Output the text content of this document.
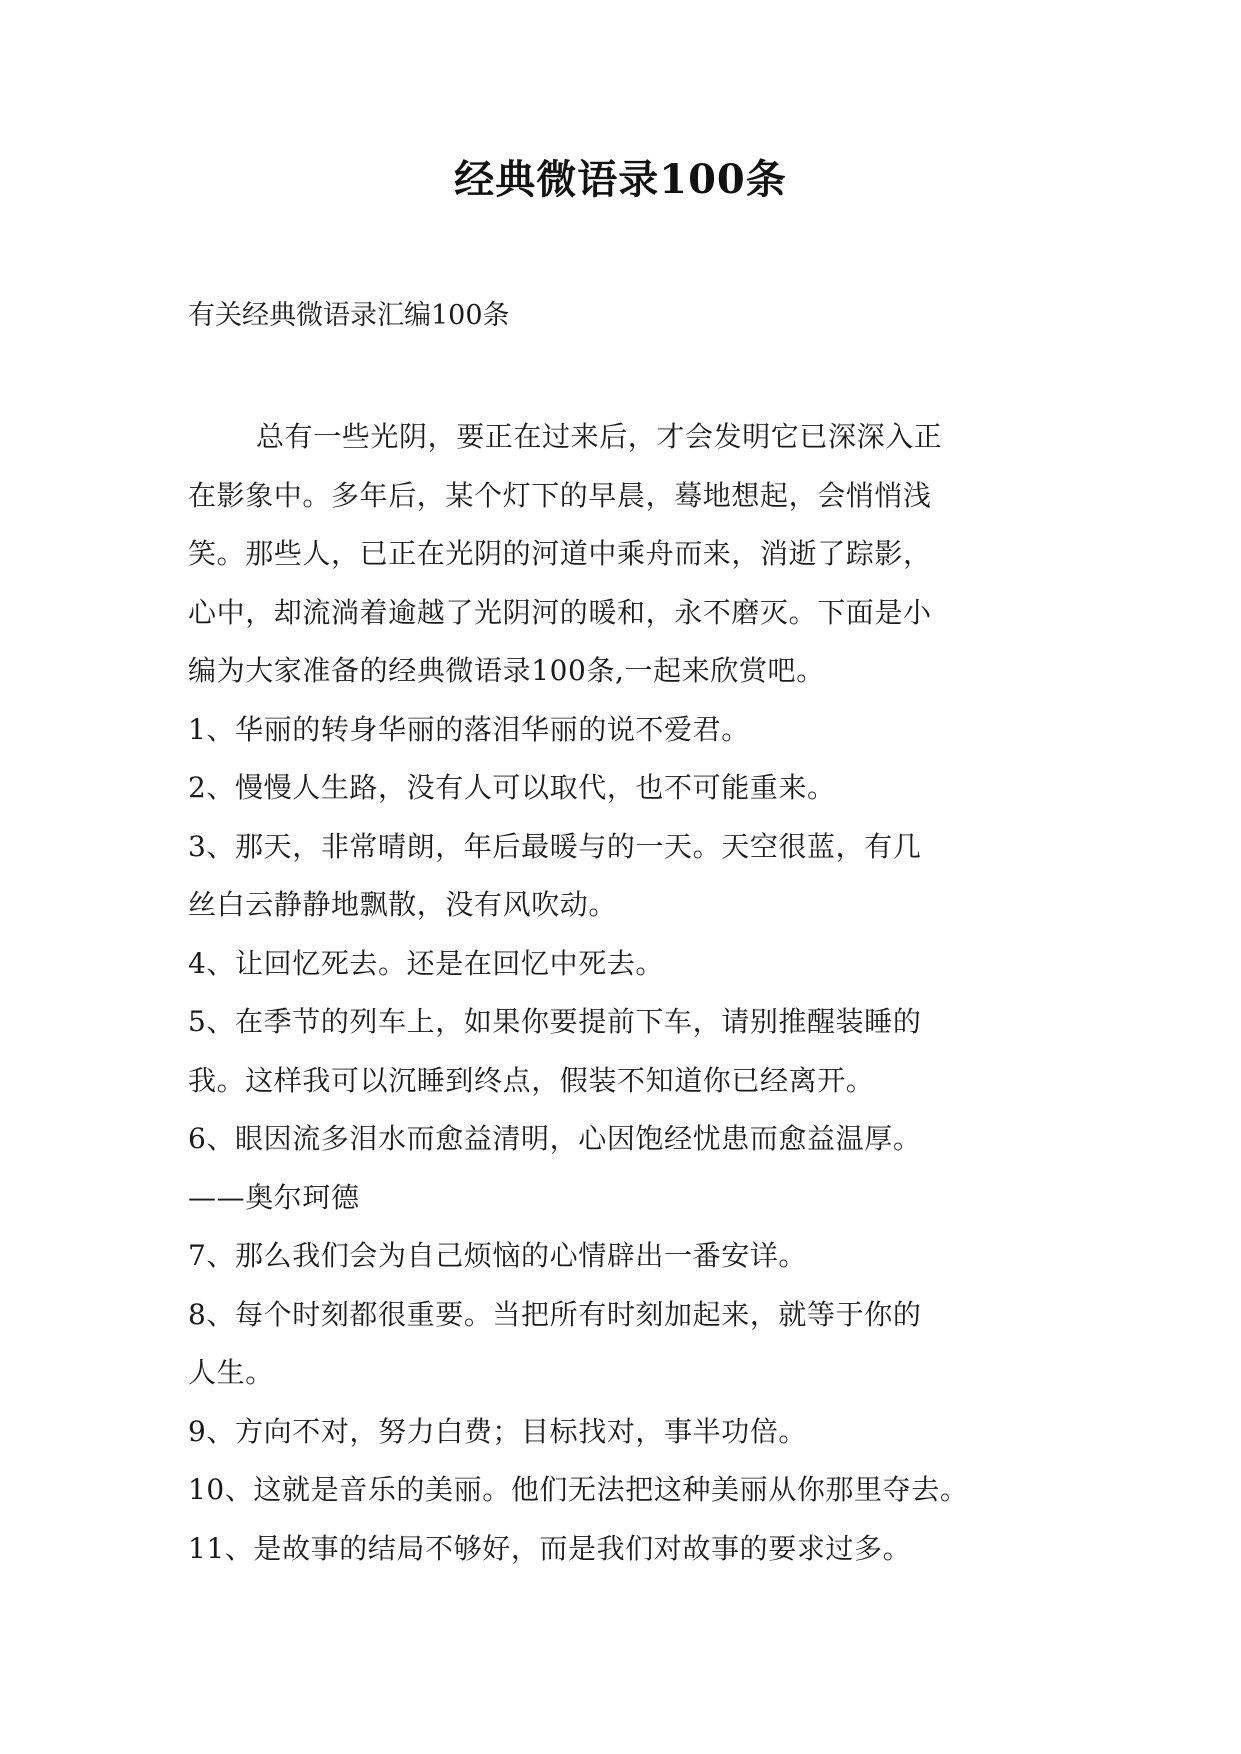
经典微语录100条
有关经典微语录汇编100条
总有一些光阴，要正在过来后，才会发明它已深深入正
在影象中。多年后，某个灯下的早晨，蓦地想起，会悄悄浅
笑。那些人，已正在光阴的河道中乘舟而来，消逝了踪影，
心中，却流淌着逾越了光阴河的暖和，永不磨灭。下面是小
编为大家准备的经典微语录100条,一起来欣赏吧。
1、华丽的转身华丽的落泪华丽的说不爱君。
2、慢慢人生路，没有人可以取代，也不可能重来。
3、那天，非常晴朗，年后最暖与的一天。天空很蓝，有几
丝白云静静地飘散，没有风吹动。
4、让回忆死去。还是在回忆中死去。
5、在季节的列车上，如果你要提前下车，请别推醒装睡的
我。这样我可以沉睡到终点，假装不知道你已经离开。
6、眼因流多泪水而愈益清明，心因饱经忧患而愈益温厚。
——奥尔珂德
7、那么我们会为自己烦恼的心情辟出一番安详。
8、每个时刻都很重要。当把所有时刻加起来，就等于你的
人生。
9、方向不对，努力白费；目标找对，事半功倍。
10、这就是音乐的美丽。他们无法把这种美丽从你那里夺去。
11、是故事的结局不够好，而是我们对故事的要求过多。
